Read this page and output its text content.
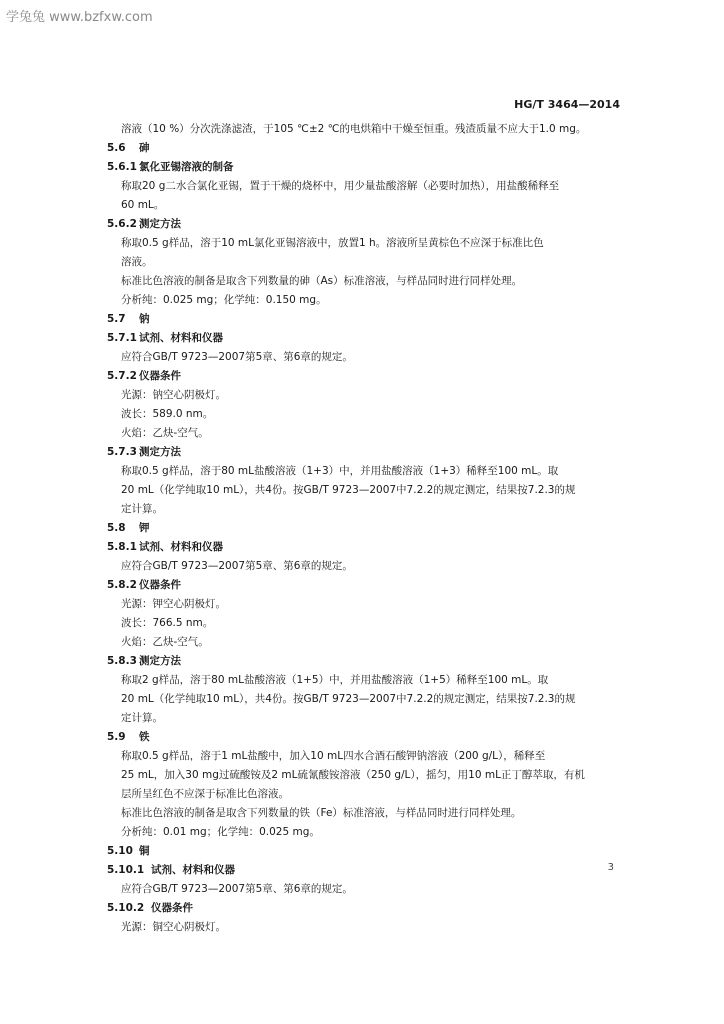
学兔兔 www.bzfxw.com
HG/T 3464—2014
溶液（10 %）分次洗涤滤渣，于105 ℃±2 ℃的电烘箱中干燥至恒重。残渣质量不应大于1.0 mg。
5.6 砷
5.6.1 氯化亚锡溶液的制备
称取20 g二水合氯化亚锡，置于干燥的烧杯中，用少量盐酸溶解（必要时加热），用盐酸稀释至
60 mL。
5.6.2 测定方法
称取0.5 g样品，溶于10 mL氯化亚锡溶液中，放置1 h。溶液所呈黄棕色不应深于标准比色
溶液。
标准比色溶液的制备是取含下列数量的砷（As）标准溶液，与样品同时进行同样处理。
分析纯：0.025 mg；化学纯：0.150 mg。
5.7 钠
5.7.1 试剂、材料和仪器
应符合GB/T 9723—2007第5章、第6章的规定。
5.7.2 仪器条件
光源：钠空心阴极灯。
波长：589.0 nm。
火焰：乙炔-空气。
5.7.3 测定方法
称取0.5 g样品，溶于80 mL盐酸溶液（1+3）中，并用盐酸溶液（1+3）稀释至100 mL。取
20 mL（化学纯取10 mL），共4份。按GB/T 9723—2007中7.2.2的规定测定，结果按7.2.3的规
定计算。
5.8 钾
5.8.1 试剂、材料和仪器
应符合GB/T 9723—2007第5章、第6章的规定。
5.8.2 仪器条件
光源：钾空心阴极灯。
波长：766.5 nm。
火焰：乙炔-空气。
5.8.3 测定方法
称取2 g样品，溶于80 mL盐酸溶液（1+5）中，并用盐酸溶液（1+5）稀释至100 mL。取
20 mL（化学纯取10 mL），共4份。按GB/T 9723—2007中7.2.2的规定测定，结果按7.2.3的规
定计算。
5.9 铁
称取0.5 g样品，溶于1 mL盐酸中，加入10 mL四水合酒石酸钾钠溶液（200 g/L），稀释至
25 mL，加入30 mg过硫酸铵及2 mL硫氰酸铵溶液（250 g/L），摇匀，用10 mL正丁醇萃取，有机
层所呈红色不应深于标准比色溶液。
标准比色溶液的制备是取含下列数量的铁（Fe）标准溶液，与样品同时进行同样处理。
分析纯：0.01 mg；化学纯：0.025 mg。
5.10 铜
5.10.1 试剂、材料和仪器
应符合GB/T 9723—2007第5章、第6章的规定。
5.10.2 仪器条件
光源：铜空心阴极灯。
3
